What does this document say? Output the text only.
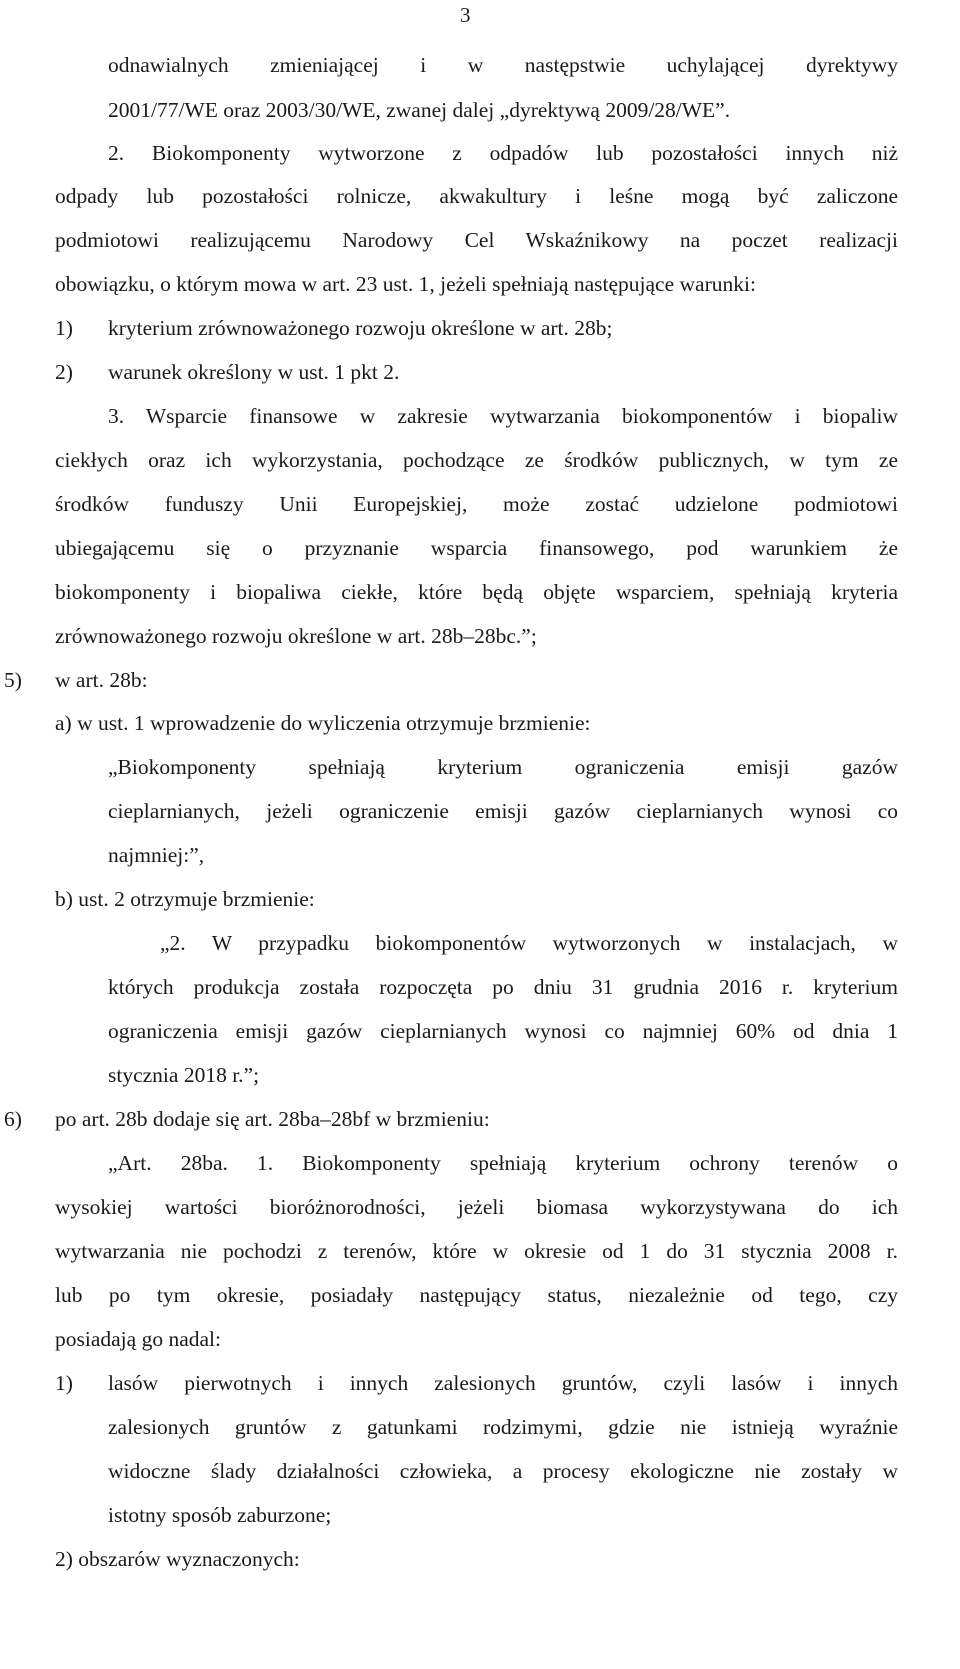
3
odnawialnych zmieniającej i w następstwie uchylającej dyrektywy
2001/77/WE oraz 2003/30/WE, zwanej dalej „dyrektywą 2009/28/WE”.
2. Biokomponenty wytworzone z odpadów lub pozostałości innych niż
odpady lub pozostałości rolnicze, akwakultury i leśne mogą być zaliczone
podmiotowi realizującemu Narodowy Cel Wskaźnikowy na poczet realizacji
obowiązku, o którym mowa w art. 23 ust. 1, jeżeli spełniają następujące warunki:
1) kryterium zrównoważonego rozwoju określone w art. 28b;
2) warunek określony w ust. 1 pkt 2.
3. Wsparcie finansowe w zakresie wytwarzania biokomponentów i biopaliw
ciekłych oraz ich wykorzystania, pochodzące ze środków publicznych, w tym ze
środków funduszy Unii Europejskiej, może zostać udzielone podmiotowi
ubiegającemu się o przyznanie wsparcia finansowego, pod warunkiem że
biokomponenty i biopaliwa ciekłe, które będą objęte wsparciem, spełniają kryteria
zrównoważonego rozwoju określone w art. 28b–28bc.”;
5) w art. 28b:
a) w ust. 1 wprowadzenie do wyliczenia otrzymuje brzmienie:
„Biokomponenty spełniają kryterium ograniczenia emisji gazów
cieplarnianych, jeżeli ograniczenie emisji gazów cieplarnianych wynosi co
najmniej:”,
b) ust. 2 otrzymuje brzmienie:
„2. W przypadku biokomponentów wytworzonych w instalacjach, w
których produkcja została rozpoczęta po dniu 31 grudnia 2016 r. kryterium
ograniczenia emisji gazów cieplarnianych wynosi co najmniej 60% od dnia 1
stycznia 2018 r.”;
6) po art. 28b dodaje się art. 28ba–28bf w brzmieniu:
„Art. 28ba. 1. Biokomponenty spełniają kryterium ochrony terenów o
wysokiej wartości bioróżnorodności, jeżeli biomasa wykorzystywana do ich
wytwarzania nie pochodzi z terenów, które w okresie od 1 do 31 stycznia 2008 r.
lub po tym okresie, posiadały następujący status, niezależnie od tego, czy
posiadają go nadal:
1) lasów pierwotnych i innych zalesionych gruntów, czyli lasów i innych
zalesionych gruntów z gatunkami rodzimymi, gdzie nie istnieją wyraźnie
widoczne ślady działalności człowieka, a procesy ekologiczne nie zostały w
istotny sposób zaburzone;
2) obszarów wyznaczonych:
